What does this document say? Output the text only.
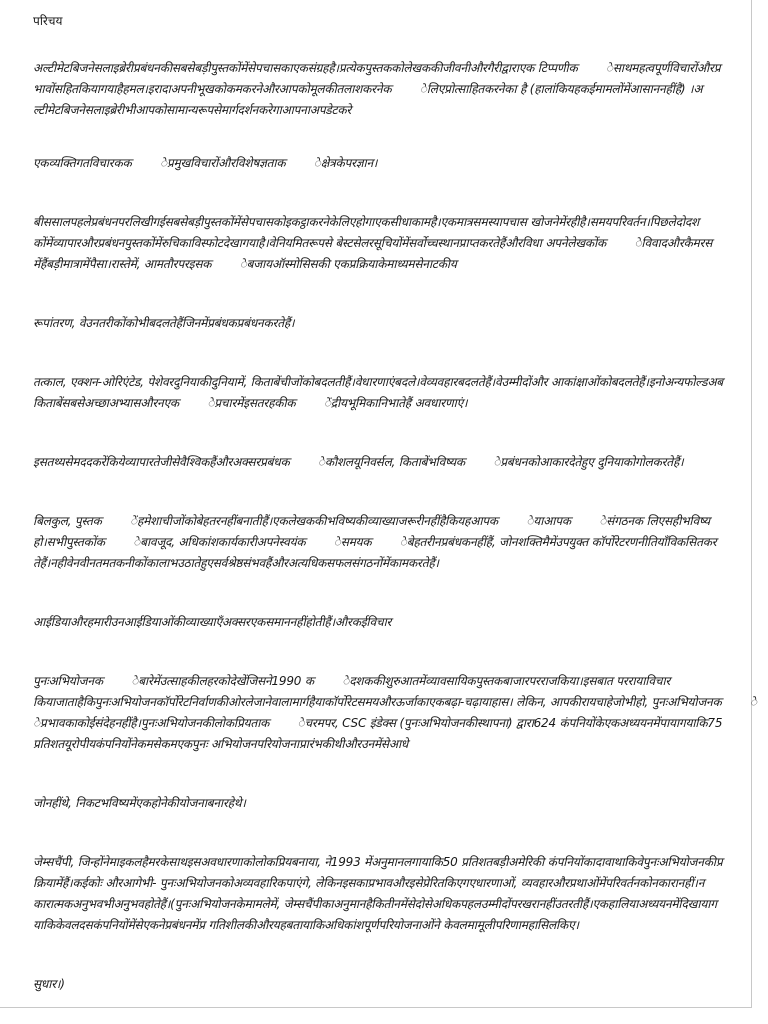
परिचय

अल्टीमेटबिजनेसलाइब्रेरीप्रबंधनकीसबसेबड़ीपुस्तकोंमेंसेपचासकाएकसंग्रहहै।प्रत्येकपुस्तककोलेखककीजीवनीऔरगैरीद्वाराएक टिप्पणीक        ेसाथमहत्वपूर्णविचारोंऔरप्रभावोंसहितकियागयाहैहमल।इरादाअपनीभूखकोकमकरनेऔरआपकोमूलकीतलाशकरनेक        ेलिएप्रोत्साहितकरनेका है (हालांकियहकईमामलोंमेंआसाननहींहै) ।अल्टीमेटबिजनेसलाइब्रेरीभीआपकोसामान्यरूपसेमार्गदर्शनकरेगाआपनाअपडेटकरे

एकव्यक्तिगतविचारकक        ेप्रमुखविचारोंऔरविशेषज्ञताक        ेक्षेत्रकेपरज्ञान।

बीससालपहलेप्रबंधनपरलिखीगईसबसेबड़ीपुस्तकोंमेंसेपचासकोइकट्ठाकरनेकेलिएहोगाएकसीधाकामहै।एकमात्रसमस्यापचास खोजनेमेंरहीहै।समयपरिवर्तन।पिछलेदोदशकोंमेंव्यापारऔरप्रबंधनपुस्तकोंमेंरुचिकाविस्फोटदेखागयाहै।वेनियमितरूपसे बेस्टसेलरसूचियोंमेंसर्वोच्चस्थानप्राप्तकरतेहैंऔरविधा अपनेलेखकोंक        ेविवादऔरकैमरसमेंहैंबड़ीमात्रामेंपैसा।रास्तेमें, आमतौरपरइसक        ेबजायऑस्मोसिसकी एकप्रक्रियाकेमाध्यमसेनाटकीय

रूपांतरण, वेउनतरीकोंकोभीबदलतेहैंजिनमेंप्रबंधकप्रबंधनकरतेहैं।

तत्काल, एक्शन-ओरिएंटेड, पेशेवरदुनियाकीदुनियामें, किताबेंचीजोंकोबदलतीहैं।वेधारणाएंबदले।वेव्यवहारबदलतेहैं।वेउम्मीदोंऔर आकांक्षाओंकोबदलतेहैं।इनोअन्यफोल्डअबकिताबेंसबसेअच्छाअभ्यासऔरनएक        ेप्रचारमेंइसतरहकीक        ेंद्रीयभूमिकानिभातेहैं अवधारणाएं।

इसतथ्यसेमददकरेंकियेव्यापारतेजीसेवैश्विकहैंऔरअक्सरप्रबंधक        ेकौशलयूनिवर्सल, किताबेंभविष्यक        ेप्रबंधनकोआकारदेतेहुए दुनियाकोगोलकरतेहैं।

बिलकुल, पुस्तक        ेंहमेशाचीजोंकोबेहतरनहींबनातीहैं।एकलेखककीभविष्यकीव्याख्याजरूरीनहींहैकियहआपक        ेयाआपक        ेसंगठनक लिएसहीभविष्यहो।सभीपुस्तकोंक        ेबावजूद, अधिकांशकार्यकारीअपनेस्वयंक        ेसमयक        ेबेहतरीनप्रबंधकनहींहैं, जोनशक्तिमैमेंउपयुक्त कॉर्पोरेटरणनीतियाँविकसितकरतेहैं।नहीवेनवीनतमतकनीकोंकालाभउठातेहुएसर्वश्रेष्ठसंभवहैंऔरअत्यधिकसफलसंगठनोंमेंकामकरतेहैं।

आईडियाऔरहमारीउनआईडियाओंकीव्याख्याएँअक्सरएकसमाननहींहोतीहैं।औरकईविचार

पुनःअभियोजनक        ेबारेमेंउत्साहकीलहरकोदेखेंजिसने1990 क        ेदशककीशुरुआतमेंव्यावसायिकपुस्तकबाजारपरराजकिया।इसबात पररायाविचारकियाजाताहैकिपुनःअभियोजनकॉर्पोरेटनिर्वाणकीओरलेजानेवालामार्गहैयाकॉर्पोरेटसमयऔरऊर्जाकाएकबढ़ा-चढ़ायाहास। लेकिन, आपकीरायचाहेजोभीहो, पुनःअभियोजनक        ेप्रभावकाकोईसंदेहनहींहै।पुनःअभियोजनकीलोकप्रियताक        ेचरमपर, CSC इंडेक्स (पुनःअभियोजनकीस्थापना) द्वारा624 कंपनियोंकेएकअध्ययनमेंपायागयाकि75 प्रतिशतयूरोपीयकंपनियोंनेकमसेकमएकपुनः अभियोजनपरियोजनाप्रारंभकीथीऔरउनमेंसेआधे

जोनहींथे, निकटभविष्यमेंएकहोनेकीयोजनाबनारहेथे।

जेम्सचैंपी, जिन्होंनेमाइकलहैमरकेसाथइसअवधारणाकोलोकप्रियबनाया, ने1993 मेंअनुमानलगायाकि50 प्रतिशतबड़ीअमेरिकी कंपनियोंकादावाथाकिवेपुनःअभियोजनकीप्रक्रियामेंहैं।कईकोः औरआगेभी- पुनःअभियोजनकोअव्यवहारिकपाएंगे, लेकिनइसकाप्रभावऔरइसेप्रेरितकिएगएधारणाओं, व्यवहारऔरप्रथाओंमेंपरिवर्तनकोनकारानहीं।नकारात्मकअनुभवभीअनुभवहोतेहैं।(पुनःअभियोजनकेमामलेमें, जेम्सचैंपीकाअनुमानहैकितीनमेंसेदोसेअधिकपहलउम्मीदोंपरखरानहींउतरतीहैं।एकहालियाअध्ययनमेंदिखायागयाकिकेवलदसकंपनियोंमेंसेएकनेप्रबंधनमेंप्र गतिशीलकीऔरयहबतायाकिअधिकांशपूर्णपरियोजनाओंने केवलमामूलीपरिणामहासिलकिए।

सुधार।)
